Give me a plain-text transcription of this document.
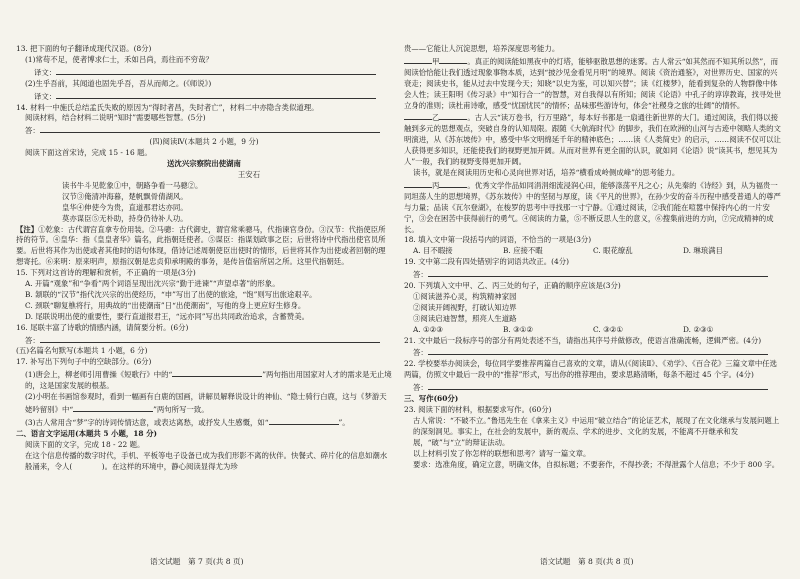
13. 把下面的句子翻译成现代汉语。(8分)

(1)常苟不足，使者博求仁士，禾如吕尚，焉往而不穷哉？

译文：

(2)生乎吾前，其闻道也固先乎吾，吾从而师之。(《师说》)

译文：

14. 材料一中施氏总结孟氏失败的原因为“得时者昌，失时者亡”，材料二中亦隐含类似道理。

阅读材料，结合材料二说明“知时”需要哪些智慧。(5分)

答：

(四)阅读Ⅳ(本题共 2 小题，9 分)

阅读下面这首宋诗，完成 15 - 16 题。

送沈兴宗察院出使湖南

王安石

读书牛斗见乾象①中，朝路争看一马骢②。

汉节③俺清冲海暮，楚帆飘骨倩湖风。

皇华④伸使今为贵，直道那君达亦同。

莫亦谋臣⑤无朴助，持身仍待补人功。

【注】①乾象：古代谓宫直拿专份用装。②马骢：古代御史，谓官常乘骢马，代指谏官身份。③汉节：代指使臣所持的符节。④皇华：指《皇皇者华》篇名，此指朝廷使者。⑤谋臣：指谋划政事之臣；后世将诗中代指出使官员所要。后世将其作为出使或者其他时的语句体现，借诗记述周朝使臣出使时的情形，后世将其作为出使或者回朝的理想寄托。⑥来明：原来明声，原指汉朝是忠贞仰承明殿的事务，是传旨值宿所居之所。这里代指朝廷。

15. 下列对这首诗的理解和赏析，不正确的一项是(3分)

A. 开篇“观象”和“争看”两个词语呈现出沈兴宗“勤于进谏”“声望卓著”的形象。

B. 颔联的“汉节”指代沈兴宗的出使经历，“申”写出了出使的旅途，“饱”则写出旅途艰辛。

C. 颈联“聊复樵将行，用典故的“出使潮南”日“出使潮南”，写他的身上更应好生修身。

D. 尾联说明出使的重要性，要行直道报君王，“远亦同”写出共同政治追求，含蓄赞美。

16. 尾联丰富了诗歌的情感内涵，请简要分析。(6分)

答：

(五)名篇名句默写(本题共 1 小题，6 分)

17. 补写出下列句子中的空缺部分。(6分)

(1)唐会上，柳老师引用曹操《短歌行》中的“	”两句指出用国家对人才的需求是无止境的，这是国家发展的根基。

(2)小明在书画馆参观时，看到一幅画有白鹿的国画，讲解员解释说设计的神仙、“隐士骑行白鹿，这与《梦游天姥吟留别》中“	”两句所写一致。

(3)古人常用含“梦”字的诗词传情达意，或表达离愁，或抒发人生感慨，如“	”。

二、语言文字运用(本题共 5 小题，18 分)

阅读下面的文字，完成 18 - 22 题。

在这个信息传播的数字时代，手机、平板等电子设备已成为我们形影不离的伙伴。快餐式、碎片化的信息如潮水般涌来，令人(　　　　)。在这样的环境中，静心阅读显得尤为珍

贵——它能让人沉淀思想，培养深度思考能力。

甲	。真正的阅读能如黑夜中的灯塔，能够驱散思想的迷雾。古人常云“如其然而不知其所以然”，而阅读恰恰能让我们透过现象事物本质，达到“披沙见金看见月明”的境界。阅读《资治通鉴》，对世界历史、国家的兴衰走；阅读史书，能从过去中发现今天；知晓“以史为鉴，可以知兴替”；读《红楼梦》，能看到复杂的人物群像中体会人性；读王阳明《传习录》中“知行合一”的智慧，对自我得以有所知；阅读《论语》中孔子的谆谆教诲，找寻处世立身的准则；读杜甫诗歌，感受“忧国忧民”的情怀；品味那些游诗句，体会“社稷身之旅的壮阔”的情怀。

乙	。古人云“读万卷书，行万里路”，每本好书都是一扇通往新世界的大门。通过阅读，我们得以接触到多元的思想观点，突破自身的认知局限。跟随《大航海时代》的脚步，我们在欧洲的山河与古迹中领略人类的文明演进，从《苏东坡传》中，感受中华文明绵延千年的精神底色；……读《人类简史》的启示，……阅读不仅可以让人获得更多知识，还能使我们的视野更加开阔。从而对世界有更全面的认识，就如同《论语》说“读其书，想见其为人”一般，我们的视野变得更加开阔。

读书，就是在阅读用历史和心灵向世界对话，培养“横看成岭侧成峰”的思考能力。

丙	。优秀文学作品如同涓涓细流浸润心田，能够涤荡平凡之心；从先秦的《诗经》到，从为福贵一同坦荡人生的思想境界，《苏东坡传》中的坚韧与厚度，读《平凡的世界》，在孙少安的奋斗历程中感受普通人的尊严与力量；品读《瓦尔登湖》，在梭罗的思考中寻找那一寸宁静。①通过阅读，②我们能在喧嚣中保持内心的一片安宁，③会在困苦中获得前行的勇气。④阅读的力量，⑤不断反思人生的意义，⑥搜集前进的方向，⑦完成精神的成长。

18. 填入文中第一段括号内的词语，不恰当的一项是(3分)

A. 目不暇接	B. 应接不暇	C. 眼花缭乱	D. 琳琅满目

19. 文中第二段有四处错别字的词语共改正。(4分)

答：

20. 下列填入文中甲、乙、丙三处的句子，正确的顺序应该是(3分)

①阅读滋养心灵，构筑精神家园

②阅读开阔视野，打破认知边界

③阅读启迪智慧，照亮人生道路

A. ①②③	B. ③①②	C. ③②①	D. ②③①

21. 文中最后一段标序号的部分有两处表述不当，请指出其序号并做修改，使语言准确流畅，逻辑严密。(4分)

答：

22. 学校要举办阅读会，每位同学要推荐两篇自己喜欢的文章，请从(《阅读Ⅱ》、《劝学》、《百合花》三篇文章中任选两篇，仿照文中最后一段中的“推荐”形式，写出你的推荐理由，要求思路清晰，每条不超过 45 个字。(4分)

答：

三、写作(60分)

23. 阅读下面的材料，根据要求写作。(60分)

古人常说：“不破不立。”鲁迅先生在《拿来主义》中运用“破立结合”的论证艺术，展现了在文化继承与发展问题上的深刻洞见。事实上，在社会的发展中，新的观点、学术的进步、文化的发展，不能离不开继承和发展，“破”与“立”的辩证法动。

以上材料引发了你怎样的联想和思考？请写一篇文章。

要求：选准角度，确定立意，明确文体，自拟标题；不要套作，不得抄袭；不得泄露个人信息；不少于 800 字。

语文试题　第 7 页(共 8 页)	语文试题　第 8 页(共 8 页)
